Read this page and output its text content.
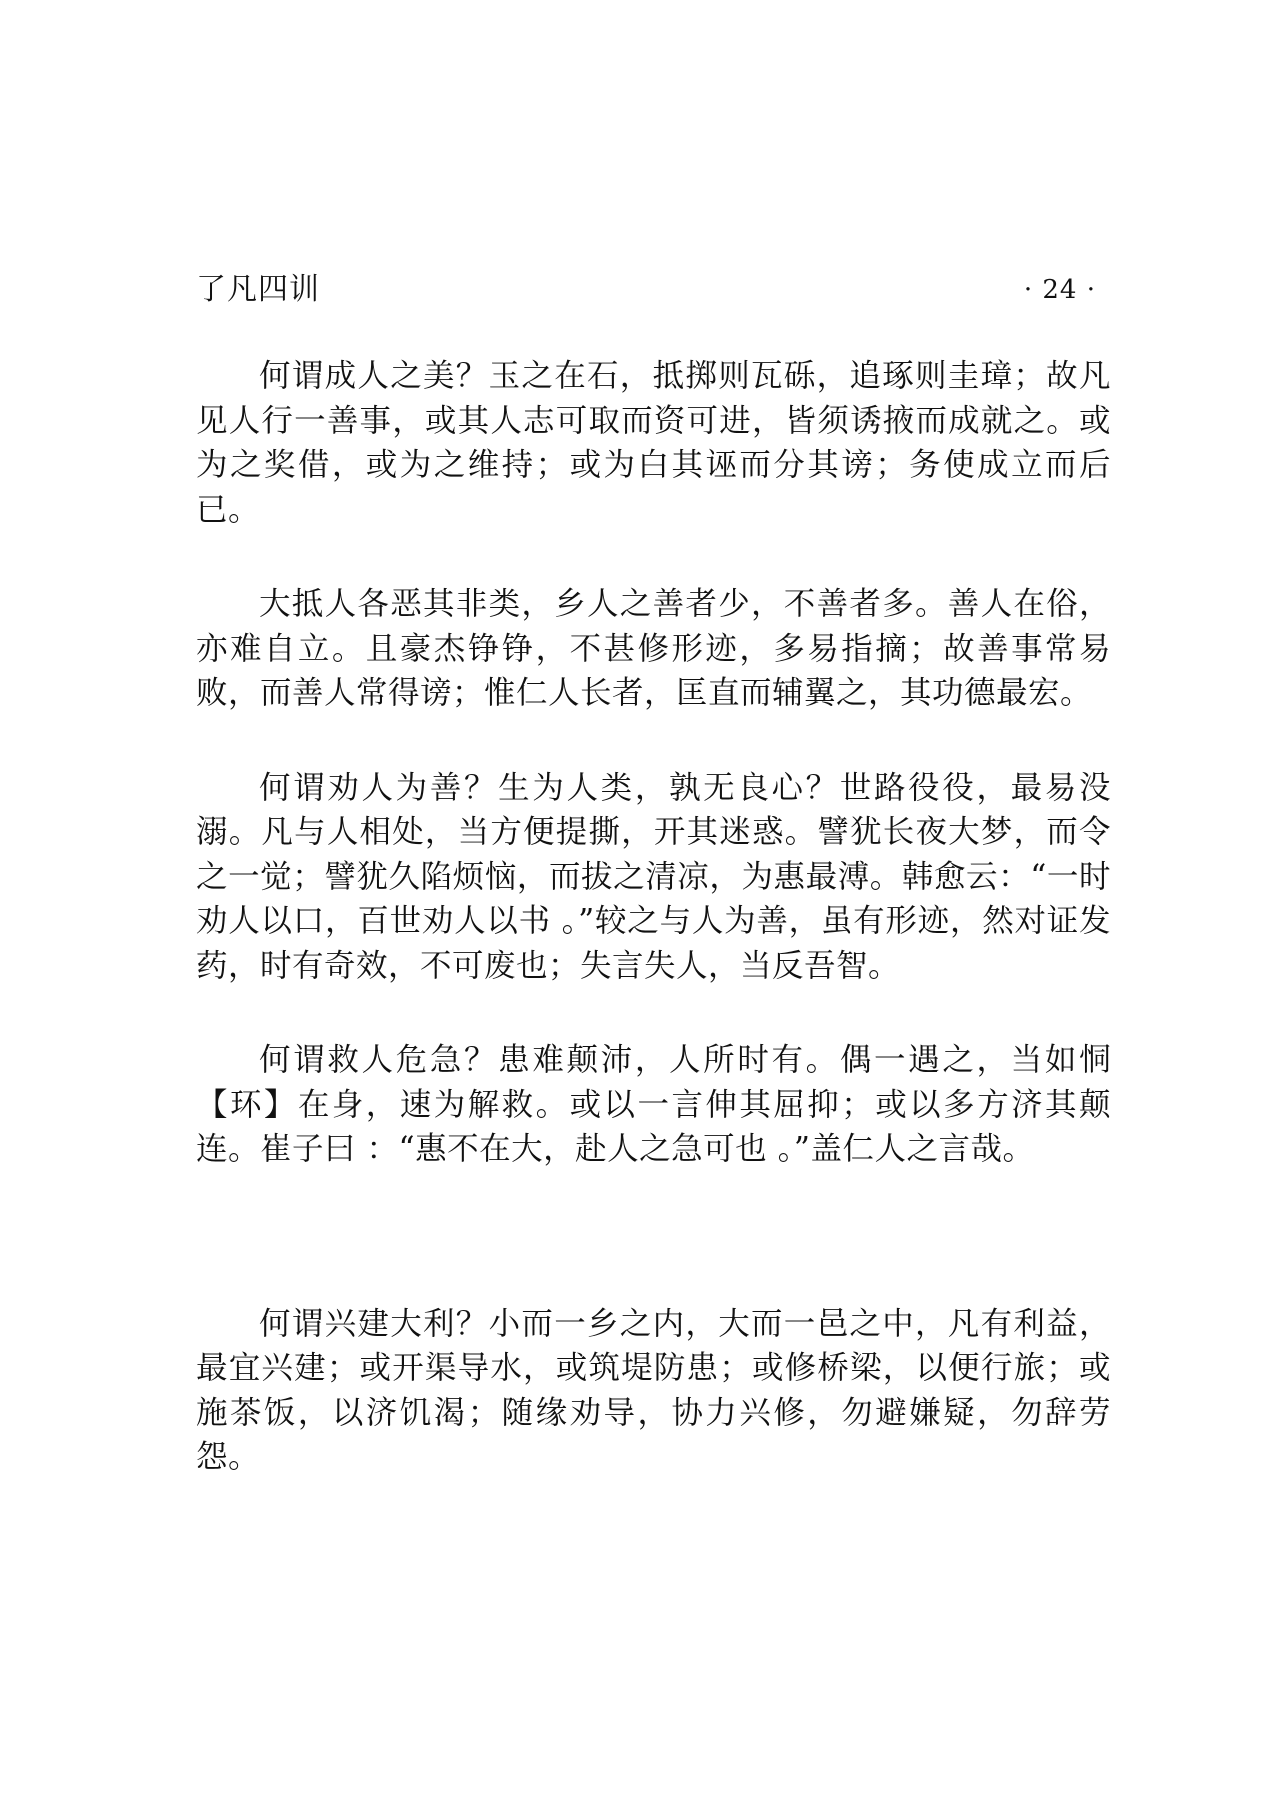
了凡四训	· 24 ·

何谓成人之美？玉之在石，抵掷则瓦砾，追琢则圭璋；故凡见人行一善事，或其人志可取而资可进，皆须诱掖而成就之。或为之奖借，或为之维持；或为白其诬而分其谤；务使成立而后已。

大抵人各恶其非类，乡人之善者少，不善者多。善人在俗，亦难自立。且豪杰铮铮，不甚修形迹，多易指摘；故善事常易败，而善人常得谤；惟仁人长者，匡直而辅翼之，其功德最宏。

何谓劝人为善？生为人类，孰无良心？世路役役，最易没溺。凡与人相处，当方便提撕，开其迷惑。譬犹长夜大梦，而令之一觉；譬犹久陷烦恼，而拔之清凉，为惠最溥。韩愈云：“一时劝人以口，百世劝人以书 。”较之与人为善，虽有形迹，然对证发药，时有奇效，不可废也；失言失人，当反吾智。

何谓救人危急？患难颠沛，人所时有。偶一遇之，当如恫【环】在身，速为解救。或以一言伸其屈抑；或以多方济其颠连。崔子曰 ：“惠不在大，赴人之急可也 。”盖仁人之言哉。

何谓兴建大利？小而一乡之内，大而一邑之中，凡有利益，最宜兴建；或开渠导水，或筑堤防患；或修桥梁，以便行旅；或施茶饭，以济饥渴；随缘劝导，协力兴修，勿避嫌疑，勿辞劳怨。
